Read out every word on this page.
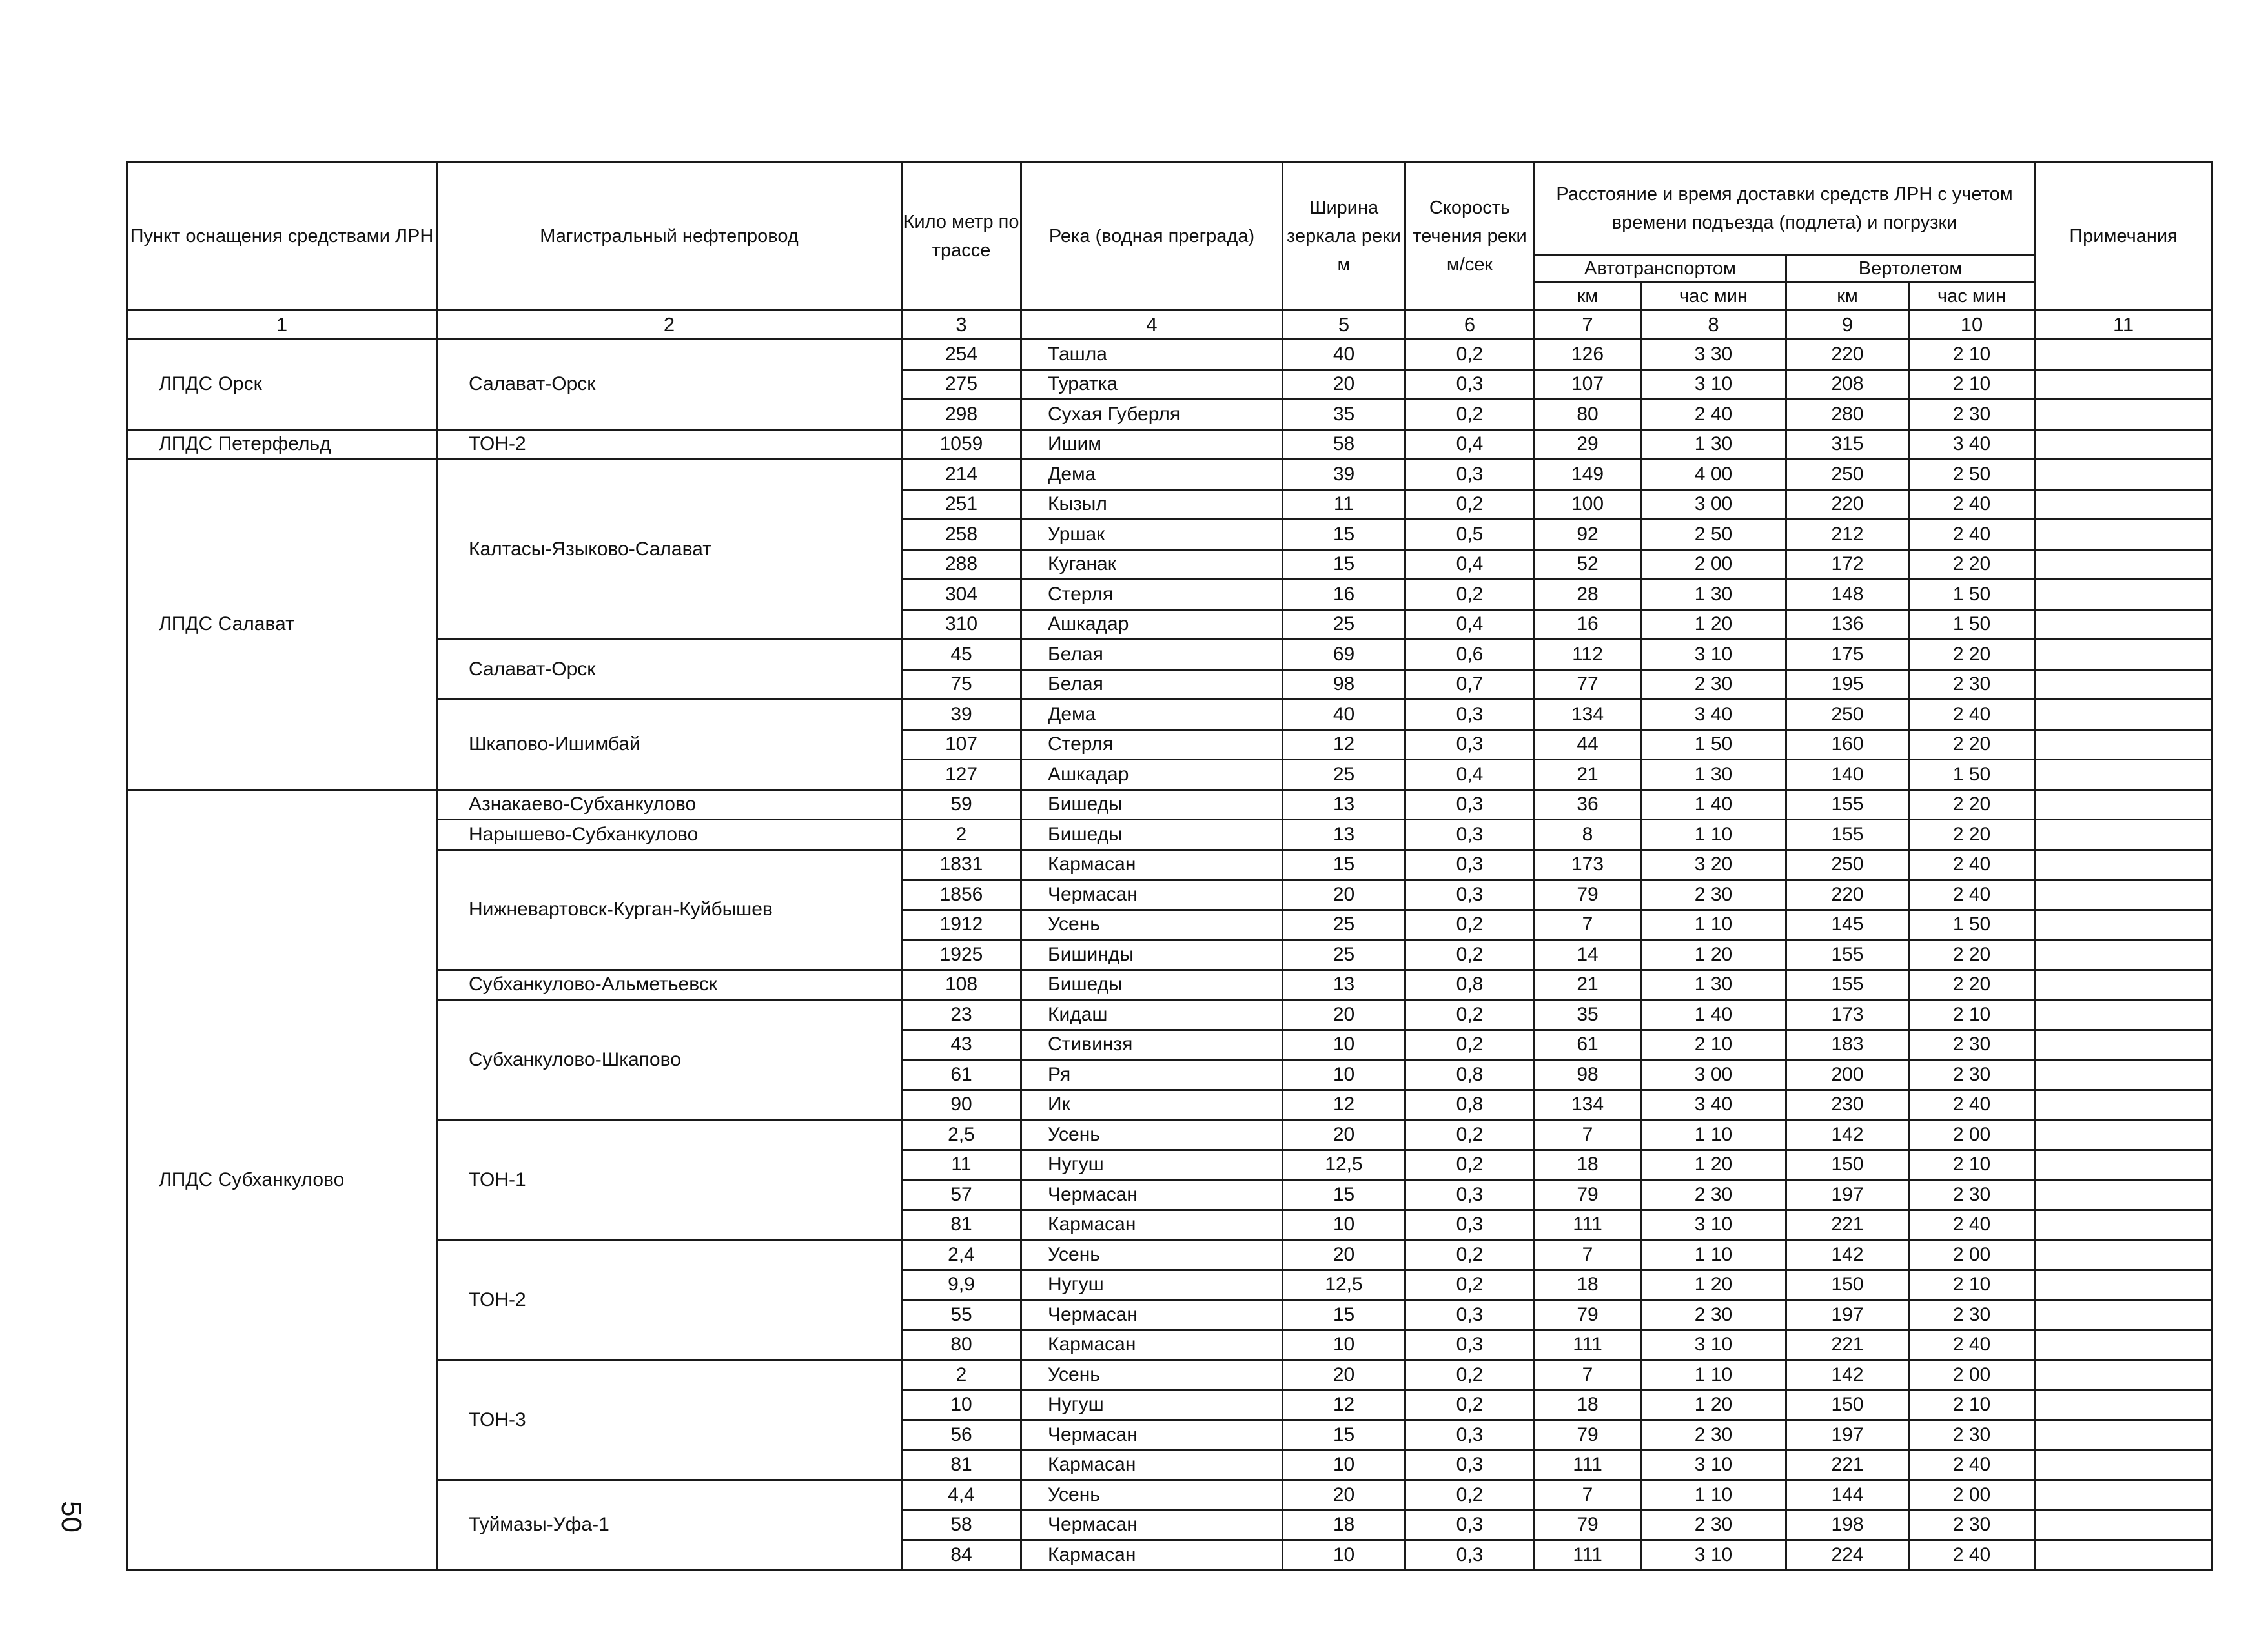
Пункт оснащения средствами ЛРН	Магистральный нефтепровод	Кило метр по трассе	Река (водная преграда)	Ширина зеркала реки м	Скорость течения реки м/сек	Расстояние и время доставки средств ЛРН с учетом времени подъезда (подлета) и погрузки				Примечания
						Автотранспортом		Вертолетом		
						км	час мин	км	час мин	
1	2	3	4	5	6	7	8	9	10	11
ЛПДС Орск	Салават-Орск	254	Ташла	40	0,2	126	3 30	220	2 10	
		275	Туратка	20	0,3	107	3 10	208	2 10	
		298	Сухая Губерля	35	0,2	80	2 40	280	2 30	
ЛПДС Петерфельд	ТОН-2	1059	Ишим	58	0,4	29	1 30	315	3 40	
ЛПДС Салават	Калтасы-Языково-Салават	214	Дема	39	0,3	149	4 00	250	2 50	
		251	Кызыл	11	0,2	100	3 00	220	2 40	
		258	Уршак	15	0,5	92	2 50	212	2 40	
		288	Куганак	15	0,4	52	2 00	172	2 20	
		304	Стерля	16	0,2	28	1 30	148	1 50	
		310	Ашкадар	25	0,4	16	1 20	136	1 50	
	Салават-Орск	45	Белая	69	0,6	112	3 10	175	2 20	
		75	Белая	98	0,7	77	2 30	195	2 30	
	Шкапово-Ишимбай	39	Дема	40	0,3	134	3 40	250	2 40	
		107	Стерля	12	0,3	44	1 50	160	2 20	
		127	Ашкадар	25	0,4	21	1 30	140	1 50	
ЛПДС Субханкулово	Азнакаево-Субханкулово	59	Бишеды	13	0,3	36	1 40	155	2 20	
	Нарышево-Субханкулово	2	Бишеды	13	0,3	8	1 10	155	2 20	
	Нижневартовск-Курган-Куйбышев	1831	Кармасан	15	0,3	173	3 20	250	2 40	
		1856	Чермасан	20	0,3	79	2 30	220	2 40	
		1912	Усень	25	0,2	7	1 10	145	1 50	
		1925	Бишинды	25	0,2	14	1 20	155	2 20	
	Субханкулово-Альметьевск	108	Бишеды	13	0,8	21	1 30	155	2 20	
	Субханкулово-Шкапово	23	Кидаш	20	0,2	35	1 40	173	2 10	
		43	Стивинзя	10	0,2	61	2 10	183	2 30	
		61	Ря	10	0,8	98	3 00	200	2 30	
		90	Ик	12	0,8	134	3 40	230	2 40	
	ТОН-1	2,5	Усень	20	0,2	7	1 10	142	2 00	
		11	Нугуш	12,5	0,2	18	1 20	150	2 10	
		57	Чермасан	15	0,3	79	2 30	197	2 30	
		81	Кармасан	10	0,3	111	3 10	221	2 40	
	ТОН-2	2,4	Усень	20	0,2	7	1 10	142	2 00	
		9,9	Нугуш	12,5	0,2	18	1 20	150	2 10	
		55	Чермасан	15	0,3	79	2 30	197	2 30	
		80	Кармасан	10	0,3	111	3 10	221	2 40	
	ТОН-3	2	Усень	20	0,2	7	1 10	142	2 00	
		10	Нугуш	12	0,2	18	1 20	150	2 10	
		56	Чермасан	15	0,3	79	2 30	197	2 30	
		81	Кармасан	10	0,3	111	3 10	221	2 40	
	Туймазы-Уфа-1	4,4	Усень	20	0,2	7	1 10	144	2 00	
		58	Чермасан	18	0,3	79	2 30	198	2 30	
		84	Кармасан	10	0,3	111	3 10	224	2 40	
50
